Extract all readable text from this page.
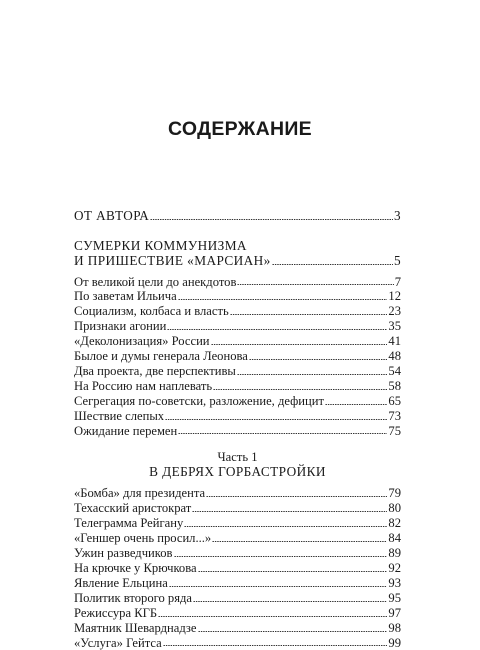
СОДЕРЖАНИЕ
ОТ АВТОРА	3
СУМЕРКИ КОММУНИЗМА
И ПРИШЕСТВИЕ «МАРСИАН»	5
От великой цели до анекдотов	7
По заветам Ильича	12
Социализм, колбаса и власть	23
Признаки агонии	35
«Деколонизация» России	41
Былое и думы генерала Леонова	48
Два проекта, две перспективы	54
На Россию нам наплевать	58
Сегрегация по-советски, разложение, дефицит	65
Шествие слепых	73
Ожидание перемен	75
Часть 1
В ДЕБРЯХ ГОРБАСТРОЙКИ
«Бомба» для президента	79
Техасский аристократ	80
Телеграмма Рейгану	82
«Геншер очень просил...»	84
Ужин разведчиков	89
На крючке у Крючкова	92
Явление Ельцина	93
Политик второго ряда	95
Режиссура КГБ	97
Маятник Шеварднадзе	98
«Услуга» Гейтса	99
